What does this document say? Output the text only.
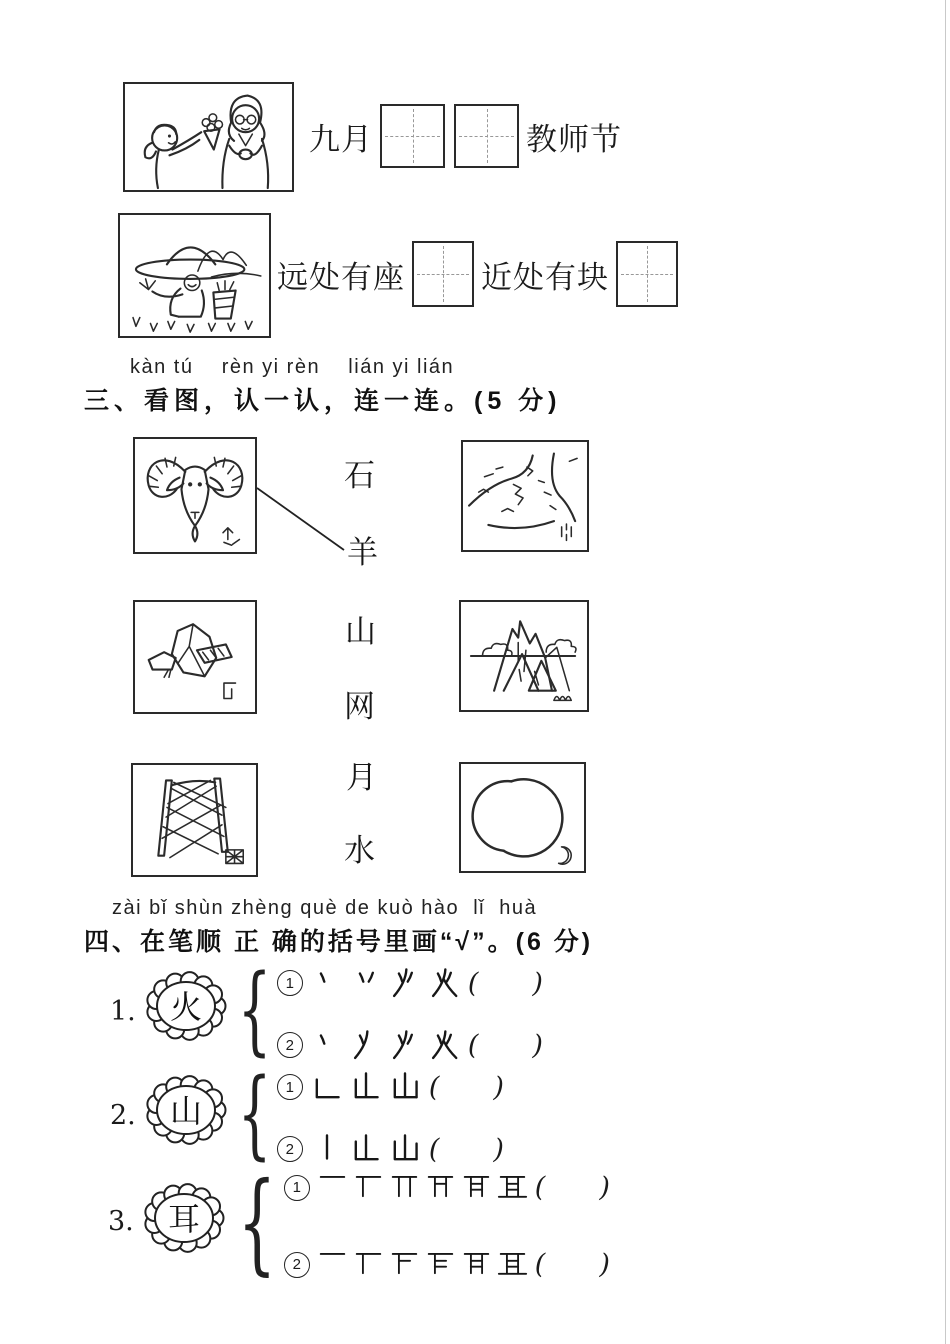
九月	教师节
远处有座 近处有块
kàn tú    rèn yi rèn    lián yi lián
三、看图，认一认，连一连。(5 分)
石
羊
山
网
月
水
zài bǐ shùn zhèng què de kuò hào  lǐ  huà
四、在笔顺 正 确的括号里画“√”。(6 分)
1. 火 { 1	( )
2	( )
2. 山 { 1	( )
2	( )
3. 耳 {	1	( )
2	( )
